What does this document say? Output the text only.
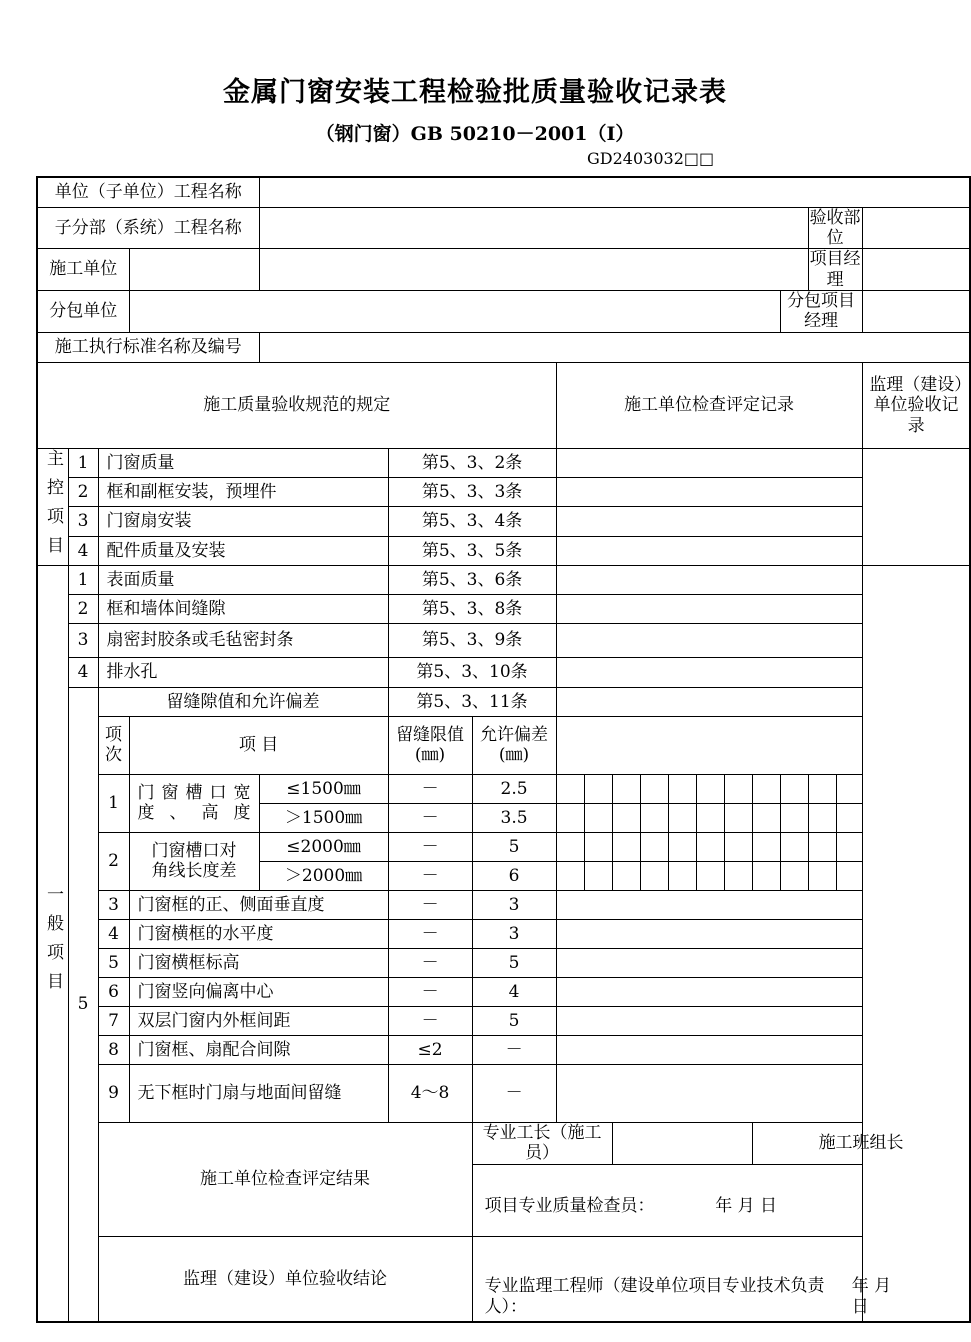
金属门窗安装工程检验批质量验收记录表
（钢门窗）GB 50210－2001（Ⅰ）
GD2403032□□
单位（子单位）工程名称																			
子分部（系统）工程名称																验收部位			
施工单位																项目经理			
分包单位															分包项目经理				
施工执行标准名称及编号																			
施工质量验收规范的规定							施工单位检查评定记录											监理（建设）单位验收记录	
主控项目	1	门窗质量			第5、3、2条														
	2	框和副框安装，预埋件			第5、3、3条														
	3	门窗扇安装			第5、3、4条														
	4	配件质量及安装			第5、3、5条														
一般项目	1	表面质量			第5、3、6条														
	2	框和墙体间缝隙			第5、3、8条														
	3	扇密封胶条或毛毡密封条			第5、3、9条														
	4	排水孔			第5、3、10条														
	5	留缝隙值和允许偏差			第5、3、11条														
		项次	项 目		留缝限值(㎜)	允许偏差(㎜)													
		1	门窗槽口宽度、高度	≤1500㎜	－	2.5													
				＞1500㎜	－	3.5													
		2	门窗槽口对角线长度差	≤2000㎜	－	5													
				＞2000㎜	－	6													
		3	门窗框的正、侧面垂直度		－	3													
		4	门窗横框的水平度		－	3													
		5	门窗横框标高		－	5													
		6	门窗竖向偏离中心		－	4													
		7	双层门窗内外框间距		－	5													
		8	门窗框、扇配合间隙		≤2	－													
		9	无下框时门扇与地面间留缝		4～8	－													
		施工单位检查评定结果				专业工长（施工员）								施工班组长					

						项目专业质量检查员： 年 月 日													

		监理（建设）单位验收结论				专业监理工程师（建设单位项目专业技术负责人）：
年 月 日													
